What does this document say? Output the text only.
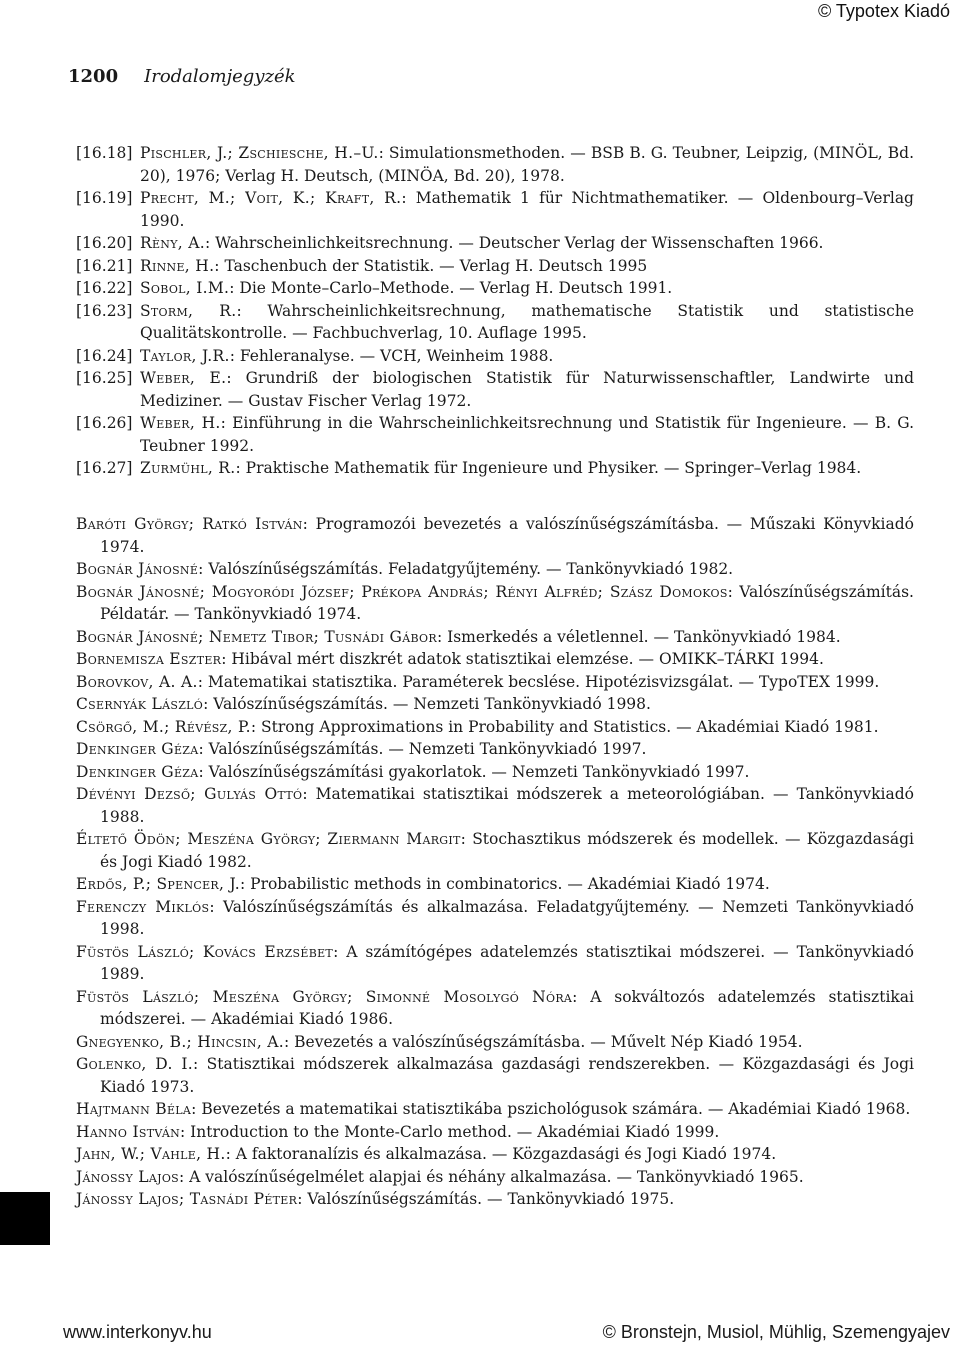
© Typotex Kiadó
1200 Irodalomjegyzék

[16.18] Pischler, J.; Zschiesche, H.–U.: Simulationsmethoden. — BSB B. G. Teubner, Leipzig, (MINÖL, Bd. 20), 1976; Verlag H. Deutsch, (MINÖA, Bd. 20), 1978.

[16.19] Precht, M.; Voit, K.; Kraft, R.: Mathematik 1 für Nichtmathematiker. — Oldenbourg–Verlag 1990.

[16.20] Rèny, A.: Wahrscheinlichkeitsrechnung. — Deutscher Verlag der Wissenschaften 1966.

[16.21] Rinne, H.: Taschenbuch der Statistik. — Verlag H. Deutsch 1995

[16.22] Sobol, I.M.: Die Monte–Carlo–Methode. — Verlag H. Deutsch 1991.

[16.23] Storm, R.: Wahrscheinlichkeitsrechnung, mathematische Statistik und statistische Qualitätskontrolle. — Fachbuchverlag, 10. Auflage 1995.

[16.24] Taylor, J.R.: Fehleranalyse. — VCH, Weinheim 1988.

[16.25] Weber, E.: Grundriß der biologischen Statistik für Naturwissenschaftler, Landwirte und Mediziner. — Gustav Fischer Verlag 1972.

[16.26] Weber, H.: Einführung in die Wahrscheinlichkeitsrechnung und Statistik für Ingenieure. — B. G. Teubner 1992.

[16.27] Zurmühl, R.: Praktische Mathematik für Ingenieure und Physiker. — Springer–Verlag 1984.

Baróti György; Ratkó István: Programozói bevezetés a valószínűségszámításba. — Műszaki Könyvkiadó 1974.

Bognár Jánosné: Valószínűségszámítás. Feladatgyűjtemény. — Tankönyvkiadó 1982.

Bognár Jánosné; Mogyoródi József; Prékopa András; Rényi Alfréd; Szász Domokos: Valószínűségszámítás. Példatár. — Tankönyvkiadó 1974.

Bognár Jánosné; Nemetz Tibor; Tusnádi Gábor: Ismerkedés a véletlennel. — Tankönyvkiadó 1984.

Bornemisza Eszter: Hibával mért diszkrét adatok statisztikai elemzése. — OMIKK–TÁRKI 1994.

Borovkov, A. A.: Matematikai statisztika. Paraméterek becslése. Hipotézisvizsgálat. — TypoTEX 1999.

Csernyák László: Valószínűségszámítás. — Nemzeti Tankönyvkiadó 1998.

Csörgő, M.; Révész, P.: Strong Approximations in Probability and Statistics. — Akadémiai Kiadó 1981.

Denkinger Géza: Valószínűségszámítás. — Nemzeti Tankönyvkiadó 1997.

Denkinger Géza: Valószínűségszámítási gyakorlatok. — Nemzeti Tankönyvkiadó 1997.

Dévényi Dezső; Gulyás Ottó: Matematikai statisztikai módszerek a meteorológiában. — Tankönyvkiadó 1988.

Éltető Ödön; Meszéna György; Ziermann Margit: Stochasztikus módszerek és modellek. — Közgazdasági és Jogi Kiadó 1982.

Erdős, P.; Spencer, J.: Probabilistic methods in combinatorics. — Akadémiai Kiadó 1974.

Ferenczy Miklós: Valószínűségszámítás és alkalmazása. Feladatgyűjtemény. — Nemzeti Tankönyvkiadó 1998.

Füstös László; Kovács Erzsébet: A számítógépes adatelemzés statisztikai módszerei. — Tankönyvkiadó 1989.

Füstös László; Meszéna György; Simonné Mosolygó Nóra: A sokváltozós adatelemzés statisztikai módszerei. — Akadémiai Kiadó 1986.

Gnegyenko, B.; Hincsin, A.: Bevezetés a valószínűségszámításba. — Művelt Nép Kiadó 1954.

Golenko, D. I.: Statisztikai módszerek alkalmazása gazdasági rendszerekben. — Közgazdasági és Jogi Kiadó 1973.

Hajtmann Béla: Bevezetés a matematikai statisztikába pszichológusok számára. — Akadémiai Kiadó 1968.

Hanno István: Introduction to the Monte-Carlo method. — Akadémiai Kiadó 1999.

Jahn, W.; Vahle, H.: A faktoranalízis és alkalmazása. — Közgazdasági és Jogi Kiadó 1974.

Jánossy Lajos: A valószínűségelmélet alapjai és néhány alkalmazása. — Tankönyvkiadó 1965.

Jánossy Lajos; Tasnádi Péter: Valószínűségszámítás. — Tankönyvkiadó 1975.

www.interkonyv.hu	© Bronstejn, Musiol, Mühlig, Szemengyajev
